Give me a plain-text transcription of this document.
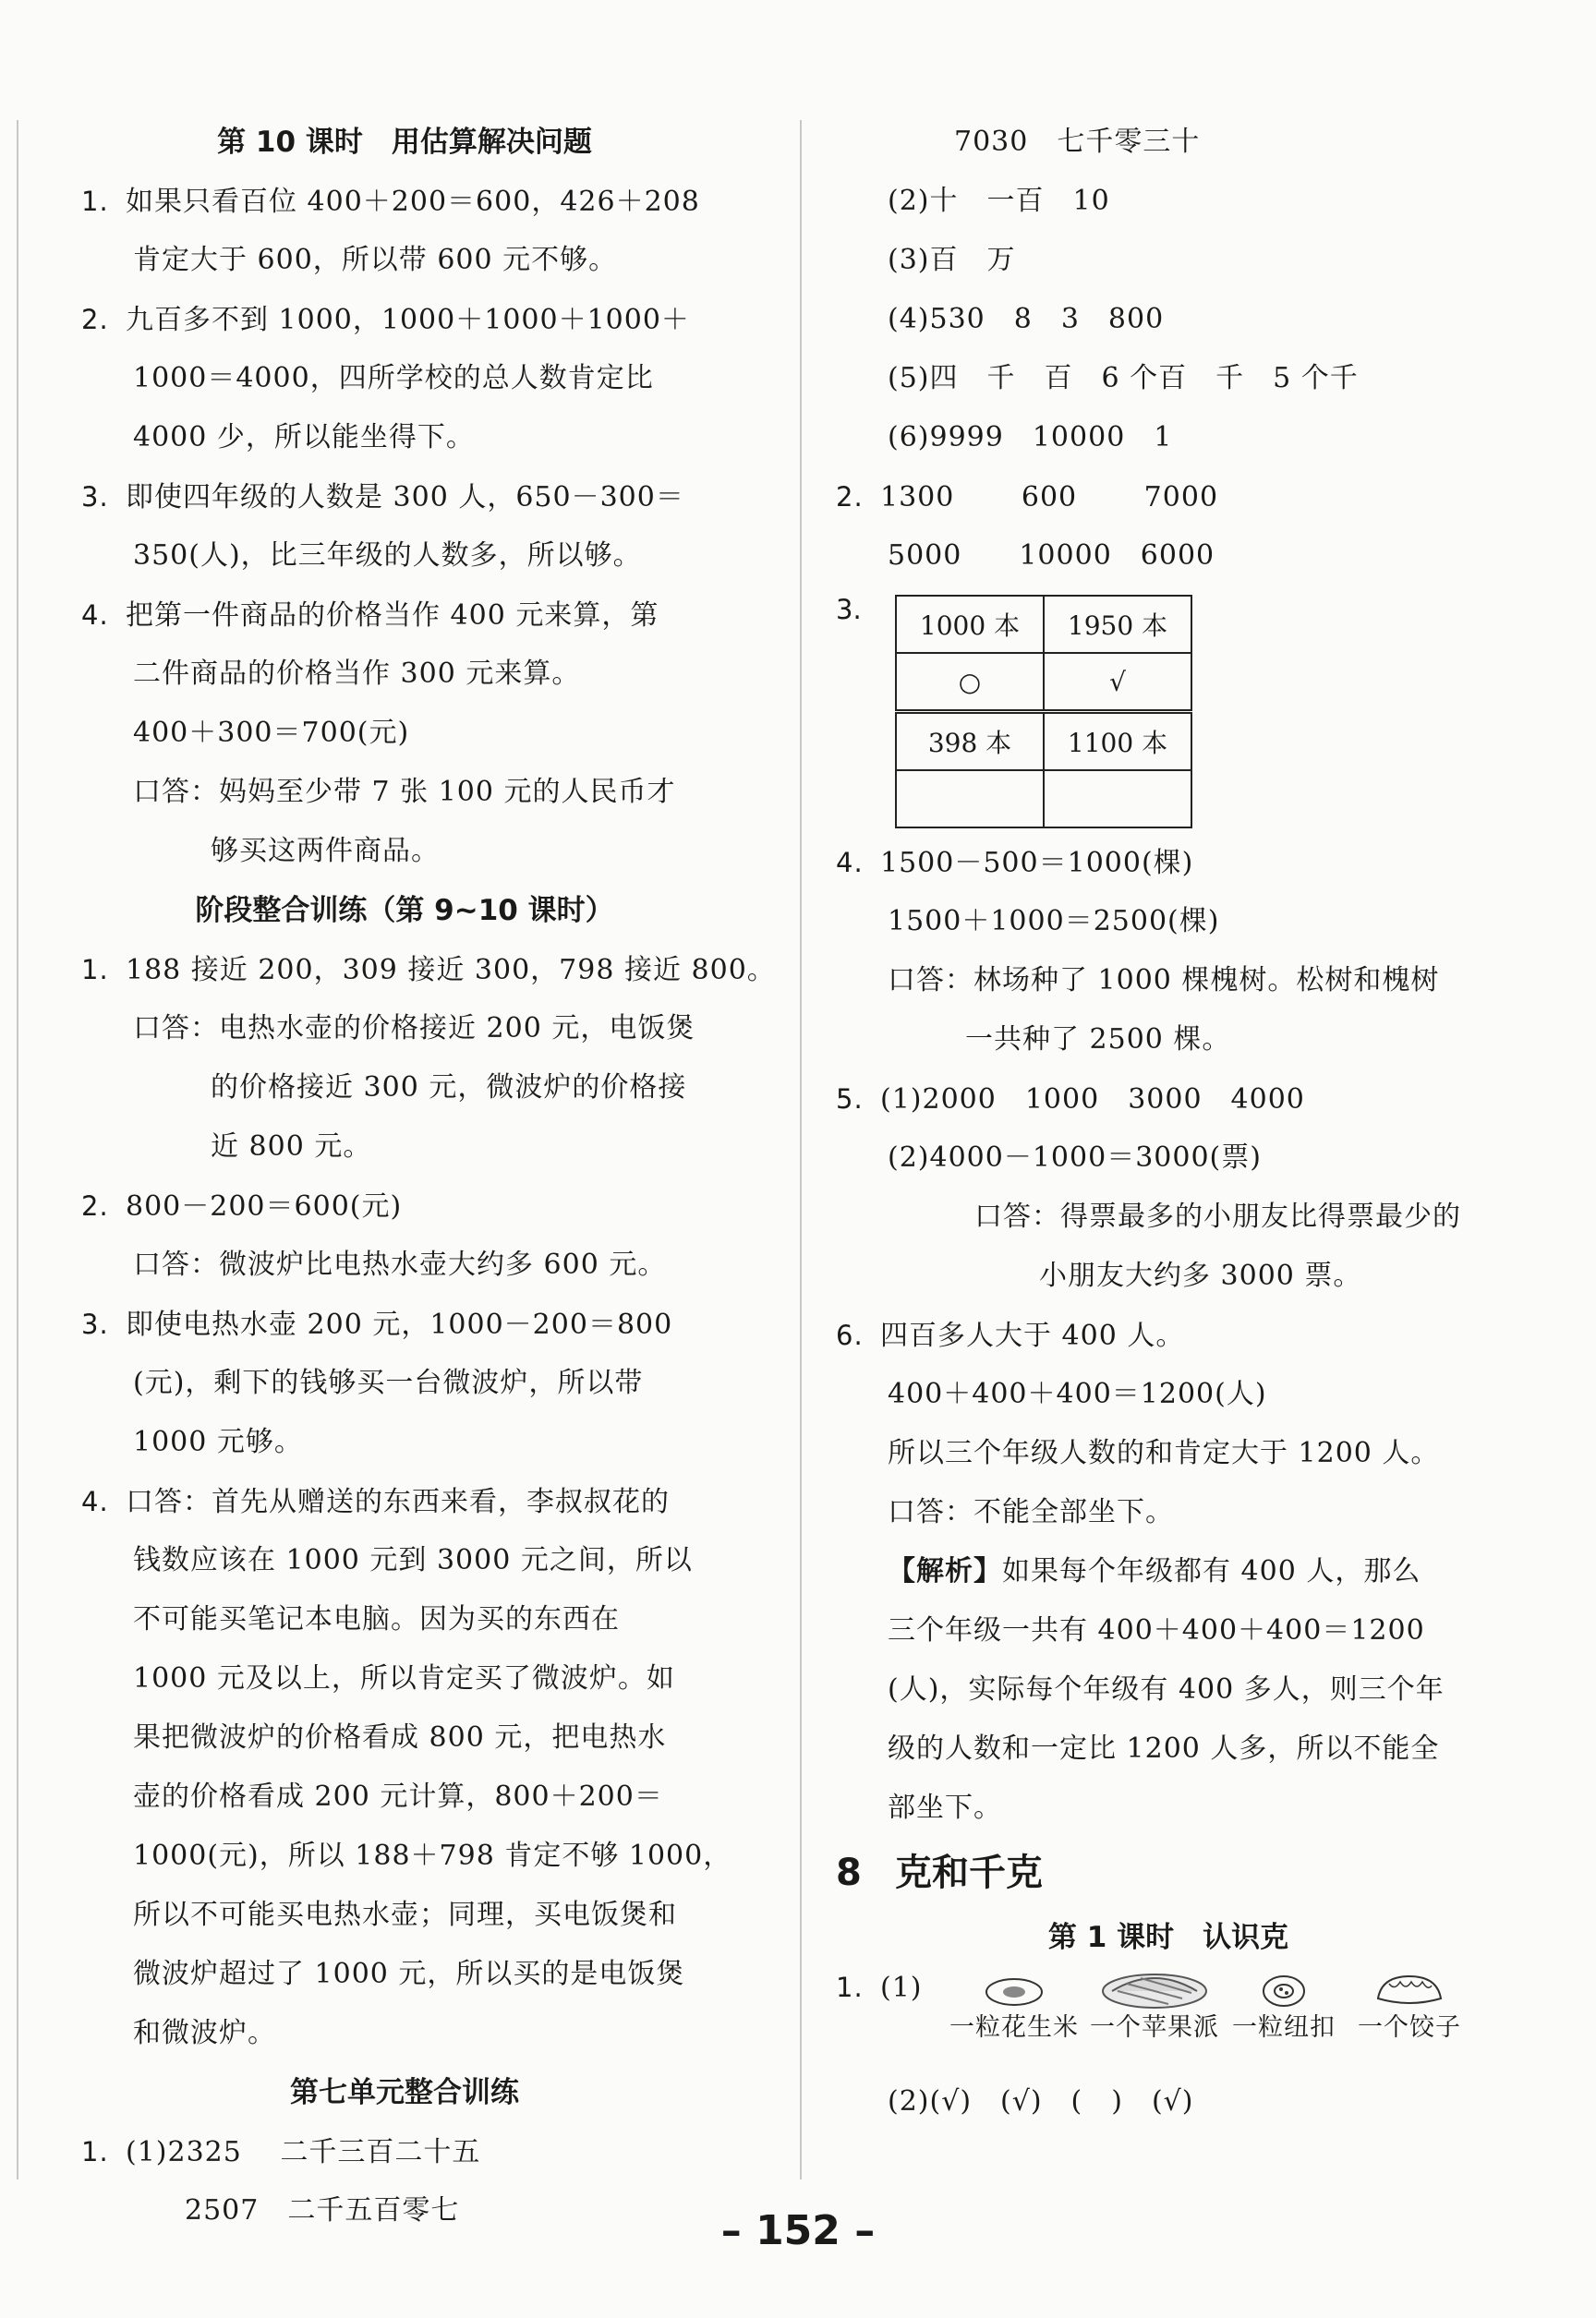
第 10 课时　用估算解决问题
1. 如果只看百位 400＋200＝600，426＋208
肯定大于 600，所以带 600 元不够。
2. 九百多不到 1000，1000＋1000＋1000＋
1000＝4000，四所学校的总人数肯定比
4000 少，所以能坐得下。
3. 即使四年级的人数是 300 人，650－300＝
350(人)，比三年级的人数多，所以够。
4. 把第一件商品的价格当作 400 元来算，第
二件商品的价格当作 300 元来算。
400＋300＝700(元)
口答：妈妈至少带 7 张 100 元的人民币才
够买这两件商品。
阶段整合训练（第 9~10 课时）
1. 188 接近 200，309 接近 300，798 接近 800。
口答：电热水壶的价格接近 200 元，电饭煲
的价格接近 300 元，微波炉的价格接
近 800 元。
2. 800－200＝600(元)
口答：微波炉比电热水壶大约多 600 元。
3. 即使电热水壶 200 元，1000－200＝800
(元)，剩下的钱够买一台微波炉，所以带
1000 元够。
4. 口答：首先从赠送的东西来看，李叔叔花的
钱数应该在 1000 元到 3000 元之间，所以
不可能买笔记本电脑。因为买的东西在
1000 元及以上，所以肯定买了微波炉。如
果把微波炉的价格看成 800 元，把电热水
壶的价格看成 200 元计算，800＋200＝
1000(元)，所以 188＋798 肯定不够 1000，
所以不可能买电热水壶；同理，买电饭煲和
微波炉超过了 1000 元，所以买的是电饭煲
和微波炉。
第七单元整合训练
1. (1)2325　 二千三百二十五
2507　二千五百零七
7030　七千零三十
(2)十　一百　10
(3)百　万
(4)530　8　3　800
(5)四　千　百　6 个百　千　5 个千
(6)9999　10000　1
2. 1300　　 600　　 7000
5000　　10000　6000
3.
1000 本	1950 本
○	√
398 本	1100 本

4. 1500－500＝1000(棵)
1500＋1000＝2500(棵)
口答：林场种了 1000 棵槐树。松树和槐树
一共种了 2500 棵。
5. (1)2000　1000　3000　4000
(2)4000－1000＝3000(票)
口答：得票最多的小朋友比得票最少的
小朋友大约多 3000 票。
6. 四百多人大于 400 人。
400＋400＋400＝1200(人)
所以三个年级人数的和肯定大于 1200 人。
口答：不能全部坐下。
【解析】如果每个年级都有 400 人，那么
三个年级一共有 400＋400＋400＝1200
(人)，实际每个年级有 400 多人，则三个年
级的人数和一定比 1200 人多，所以不能全
部坐下。
8 克和千克
第 1 课时　认识克
1. (1)
一粒花生米 一个苹果派 一粒纽扣 一个饺子
(2)(√)　(√)　(　)　(√)
– 152 –
